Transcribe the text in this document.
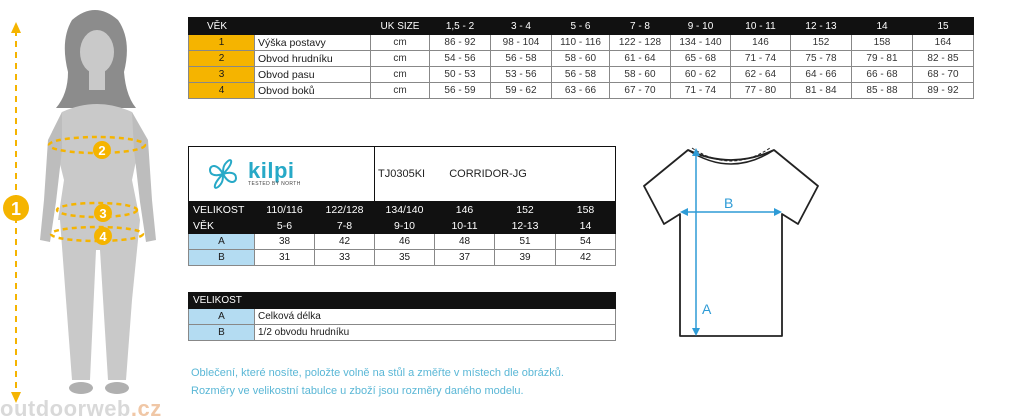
1
2
3
4
VĚK		UK SIZE	1,5 - 2	3 - 4	5 - 6	7 - 8	9 - 10	10 - 11	12 - 13	14	15
1	Výška postavy	cm	86 - 92	98 - 104	110 - 116	122 - 128	134 - 140	146	152	158	164
2	Obvod hrudníku	cm	54 - 56	56 - 58	58 - 60	61 - 64	65 - 68	71 - 74	75 - 78	79 - 81	82 - 85
3	Obvod pasu	cm	50 - 53	53 - 56	56 - 58	58 - 60	60 - 62	62 - 64	64 - 66	66 - 68	68 - 70
4	Obvod boků	cm	56 - 59	59 - 62	63 - 66	67 - 70	71 - 74	77 - 80	81 - 84	85 - 88	89 - 92
kilpi
TESTED BY NORTH			TJ0305KI CORRIDOR-JG			
VELIKOST	110/116	122/128	134/140	146	152	158
VĚK	5-6	7-8	9-10	10-11	12-13	14
A	38	42	46	48	51	54
B	31	33	35	37	39	42
VELIKOST	
A	Celková délka
B	1/2 obvodu hrudníku
A
B
Oblečení, které nosíte, položte volně na stůl a změřte v místech dle obrázků.
Rozměry ve velikostní tabulce u zboží jsou rozměry daného modelu.
outdoorweb.cz
